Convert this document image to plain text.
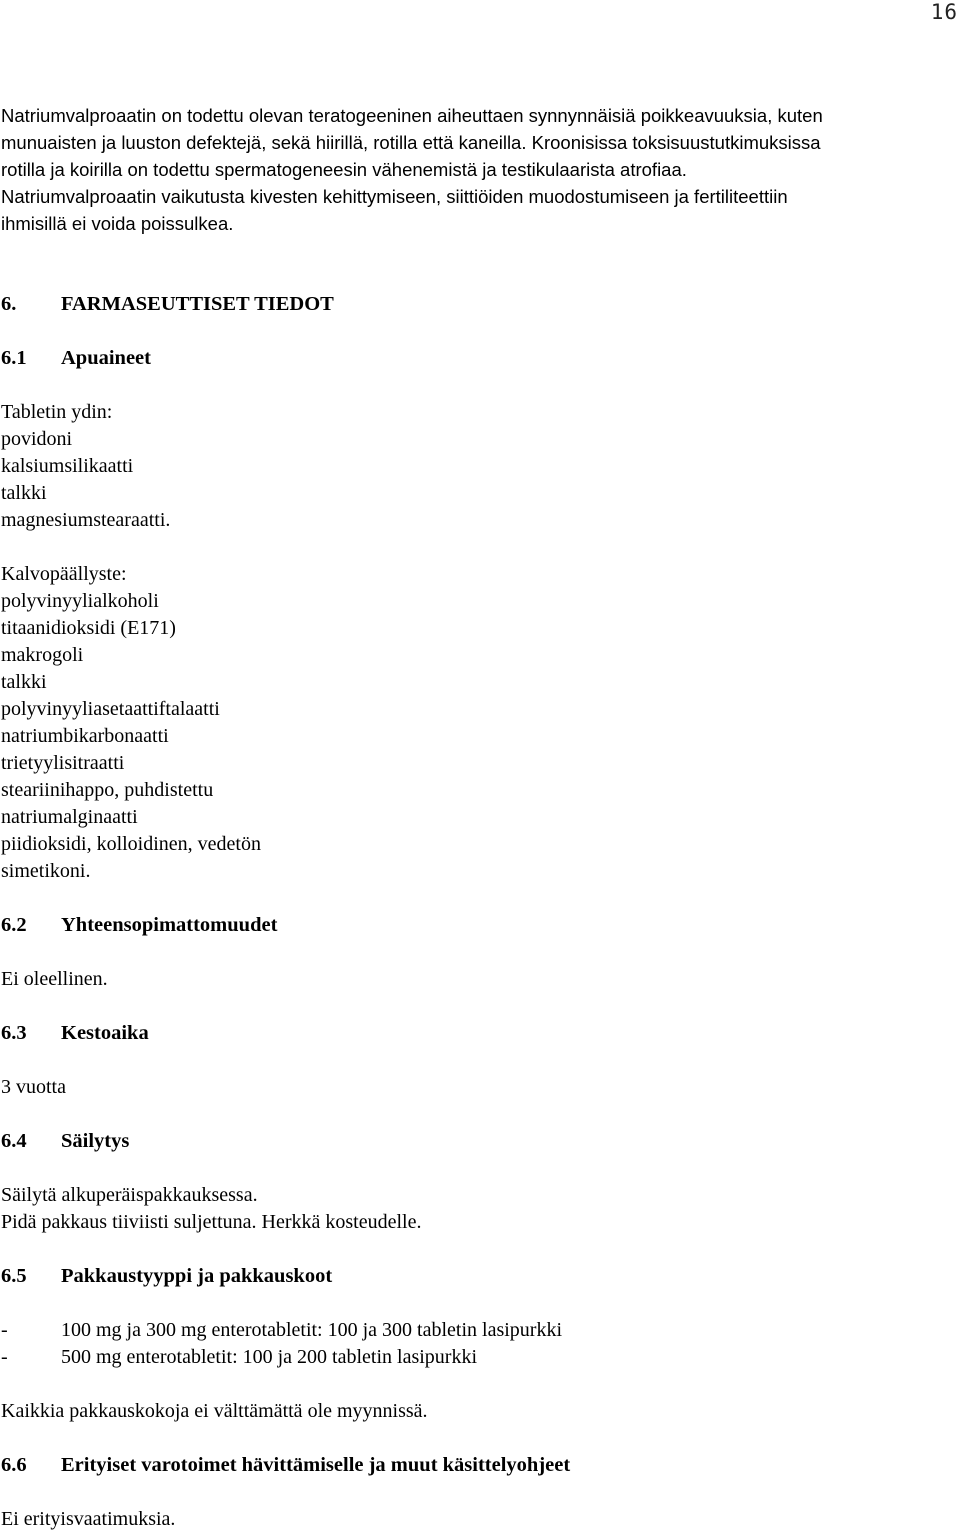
16

Natriumvalproaatin on todettu olevan teratogeeninen aiheuttaen synnynnäisiä poikkeavuuksia, kuten

munuaisten ja luuston defektejä, sekä hiirillä, rotilla että kaneilla. Kroonisissa toksisuustutkimuksissa

rotilla ja koirilla on todettu spermatogeneesin vähenemistä ja testikulaarista atrofiaa.

Natriumvalproaatin vaikutusta kivesten kehittymiseen, siittiöiden muodostumiseen ja fertiliteettiin

ihmisillä ei voida poissulkea.

6.	FARMASEUTTISET TIEDOT
6.1	Apuaineet

Tabletin ydin:

povidoni
kalsiumsilikaatti
talkki
magnesiumstearaatti.

Kalvopäällyste:

polyvinyylialkoholi
titaanidioksidi (E171)
makrogoli
talkki
polyvinyyliasetaattiftalaatti
natriumbikarbonaatti
trietyylisitraatti
steariinihappo, puhdistettu
natriumalginaatti
piidioksidi, kolloidinen, vedetön
simetikoni.
6.2	Yhteensopimattomuudet

Ei oleellinen.

6.3	Kestoaika

3 vuotta

6.4	Säilytys

Säilytä alkuperäispakkauksessa.

Pidä pakkaus tiiviisti suljettuna. Herkkä kosteudelle.

6.5	Pakkaustyyppi ja pakkauskoot
-	100 mg ja 300 mg enterotabletit: 100 ja 300 tabletin lasipurkki
-	500 mg enterotabletit: 100 ja 200 tabletin lasipurkki

Kaikkia pakkauskokoja ei välttämättä ole myynnissä.

6.6	Erityiset varotoimet hävittämiselle ja muut käsittelyohjeet

Ei erityisvaatimuksia.
